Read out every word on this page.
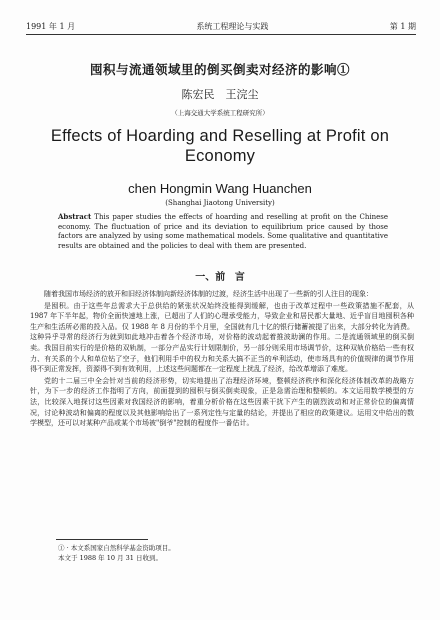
1991 年 1 月	系统工程理论与实践	第 1 期
囤积与流通领域里的倒买倒卖对经济的影响①
陈宏民　王浣尘
（上海交通大学系统工程研究所）
Effects of Hoarding and Reselling at Profit on Economy
chen Hongmin Wang Huanchen
(Shanghai Jiaotong University)
Abstract This paper studies the effects of hoarding and reselling at profit on the Chinese economy. The fluctuation of price and its deviation to equilibrium price caused by those factors are analyzed by using some mathematical models. Some qualitative and quantitative results are obtained and the policies to deal with them are presented.
一、前 言

随着我国市场经济的放开和旧经济体制向新经济体制的过渡，经济生活中出现了一些新的引人注目的现象：

是囤积。由于这些年总需求大于总供给的紧张状况始终没能得到缓解，也由于改革过程中一些政策措施不配套，从 1987 年下半年起，物价全面快速地上涨，已超出了人们的心理承受能力，导致企业和居民都大量地、近乎盲目地囤积各种生产和生活所必需的投入品。仅 1988 年 8 月份的半个月里，全国就有几十亿的银行储蓄被提了出来，大部分转化为消费。这种异乎寻常的经济行为就到如此地冲击着各个经济市场，对价格的波动起着推波助澜的作用。二是流通领域里的倒买倒卖。我国目前实行的是价格的双轨制，一部分产品实行计划限制价，另一部分则采用市场调节价，这种双轨价格给一些有权力、有关系的个人和单位钻了空子，他们利用手中的权力和关系大搞不正当的牟利活动，使市场具有的价值规律的调节作用得不到正常发挥，资源得不到有效利用，上述这些问题都在一定程度上扰乱了经济，给改革增添了难度。

党的十二届三中全会针对当前的经济形势，切实地提出了治理经济环境，整顿经济秩序和深化经济体制改革的战略方针，为下一步的经济工作指明了方向，前面提到的囤积与倒买倒卖现象，正是急需治理和整顿的。本文运用数学模型的方法，比较深入地探讨这些因素对我国经济的影响，着重分析价格在这些因素干扰下产生的剧烈波动和对正常价位的偏离情况，讨论种波动和偏离的程度以及其他影响给出了一系列定性与定量的结论，并提出了相应的政策建议。运用文中给出的数学模型，还可以对某种产品或某个市场被"倒爷"控制的程度作一番估计。

① · 本文系国家自然科学基金资助项目。
本文于 1988 年 10 月 31 日收到。
